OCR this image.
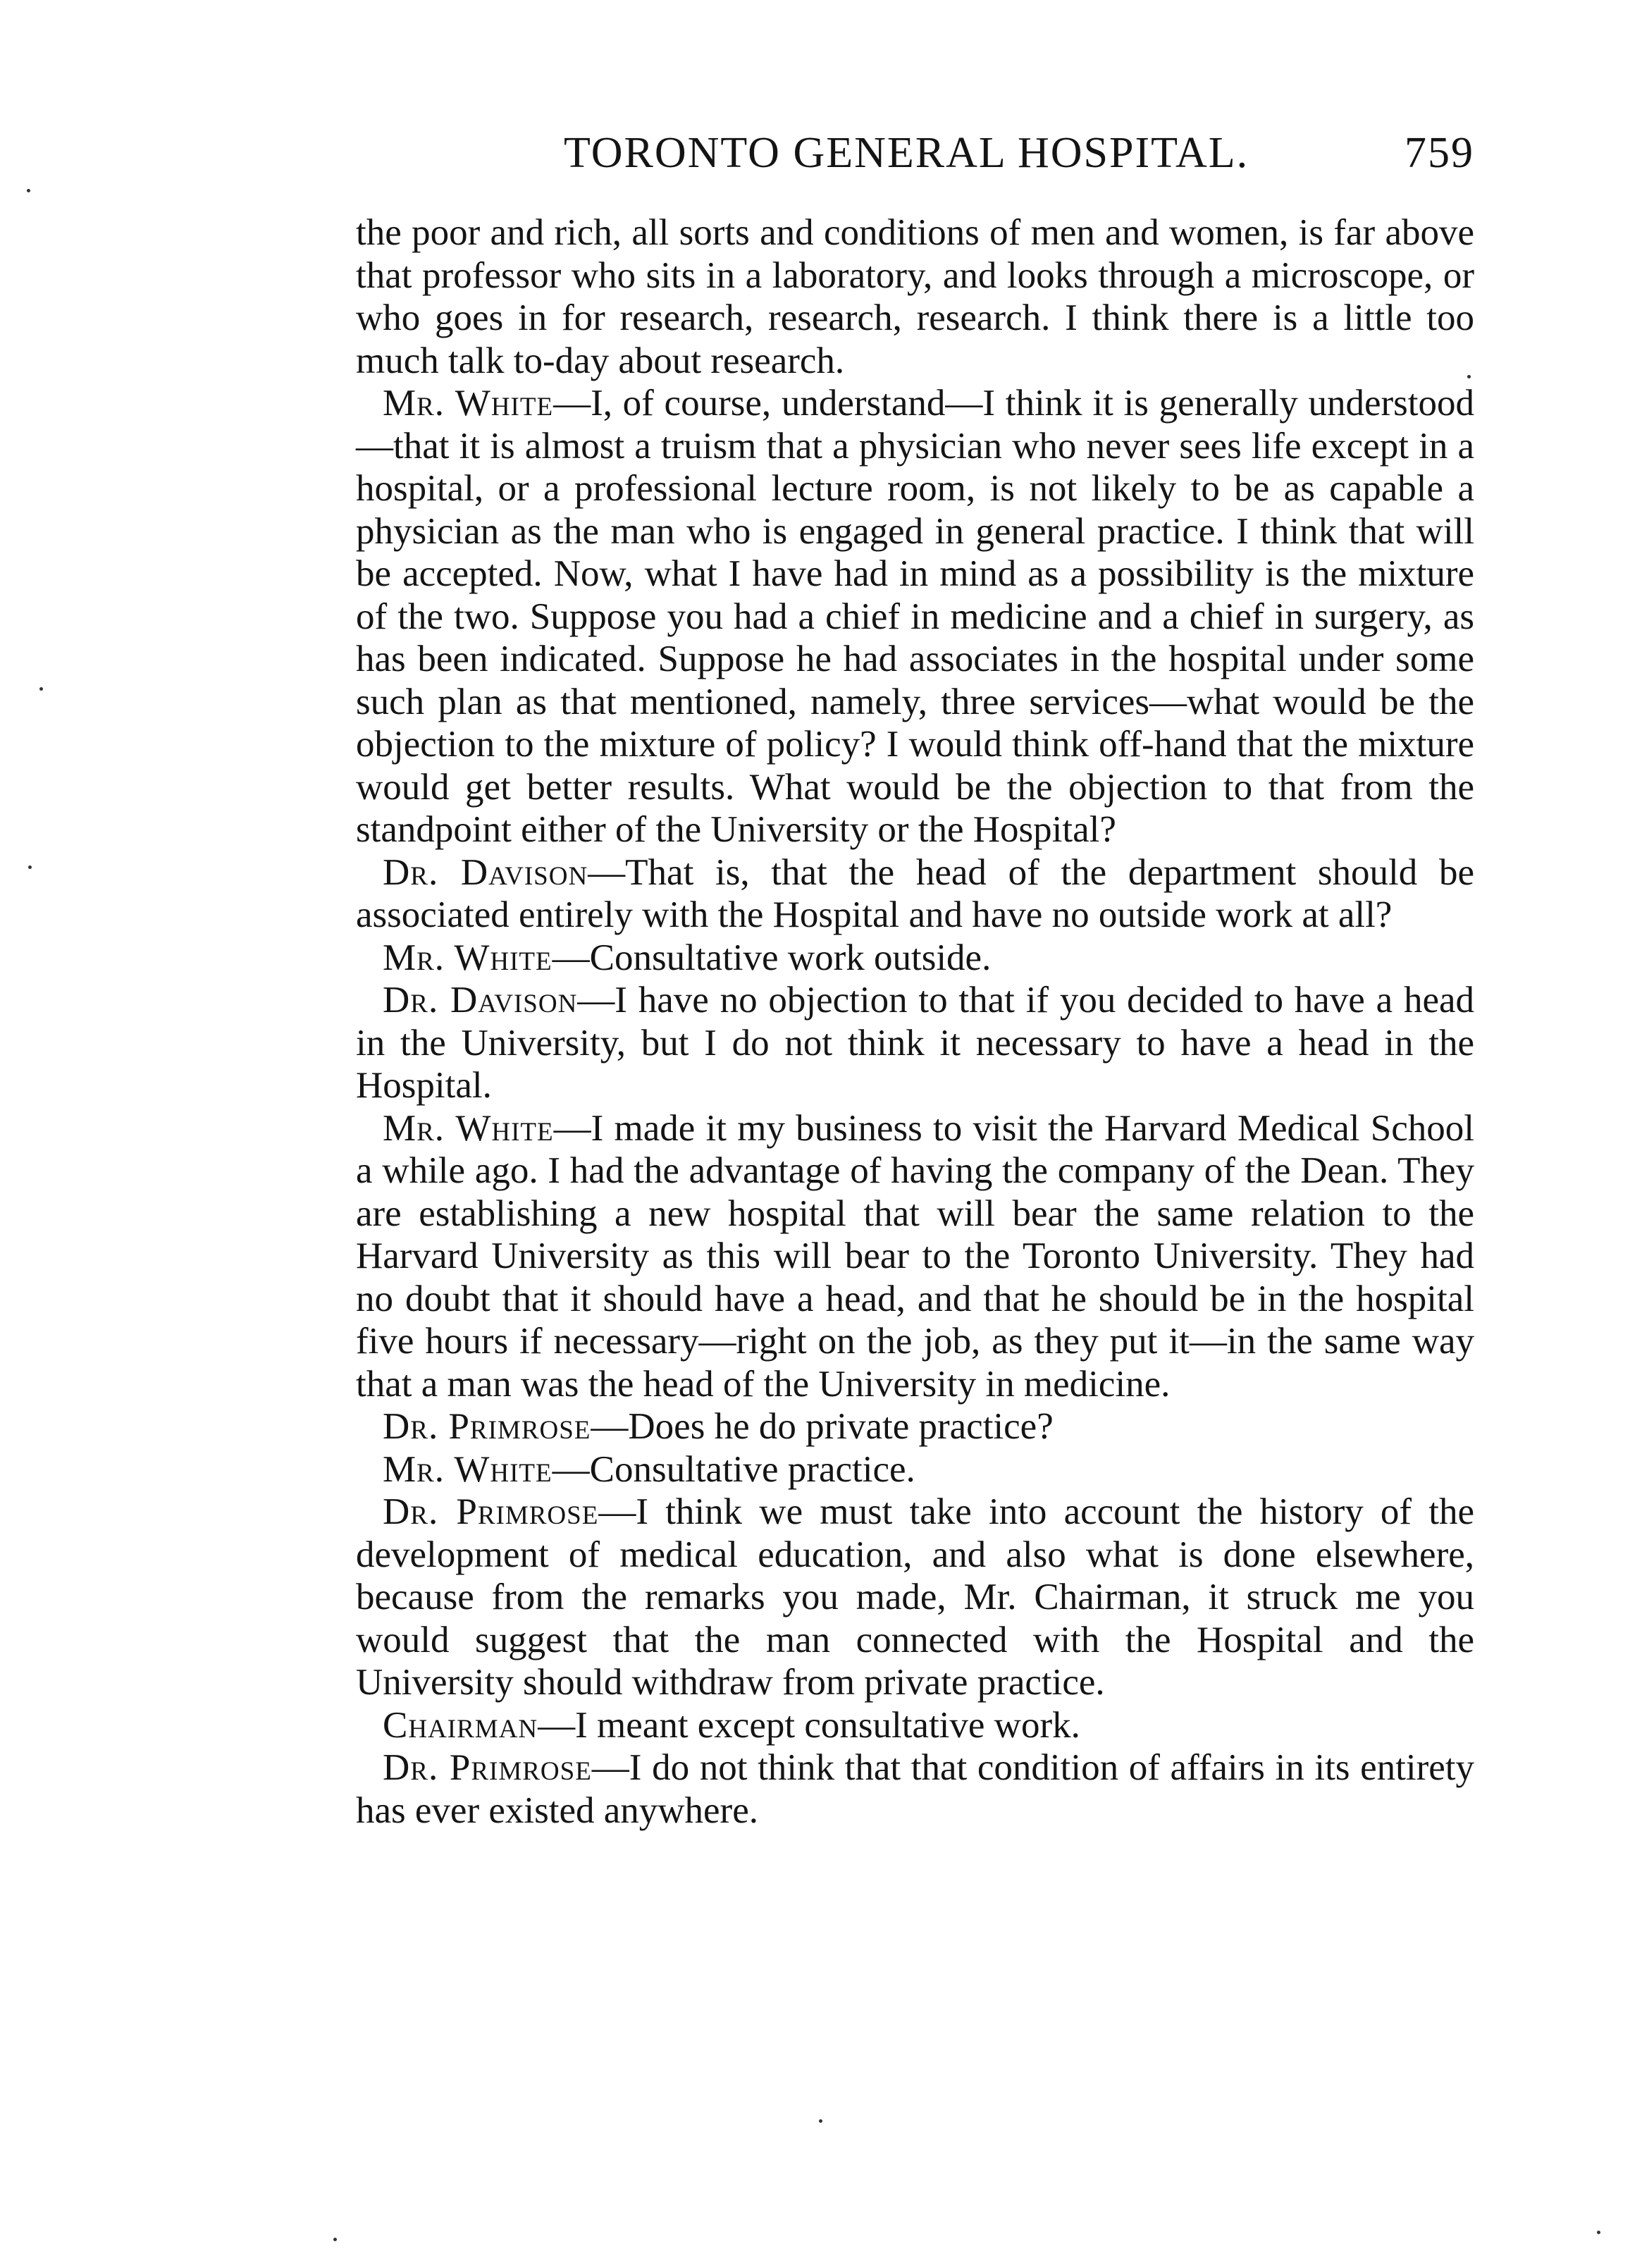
TORONTO GENERAL HOSPITAL.	759

the poor and rich, all sorts and conditions of men and women, is far above that professor who sits in a laboratory, and looks through a microscope, or who goes in for research, research, research. I think there is a little too much talk to-day about research.

Mr. White—I, of course, understand—I think it is generally understood—that it is almost a truism that a physician who never sees life except in a hospital, or a professional lecture room, is not likely to be as capable a physician as the man who is engaged in general practice. I think that will be accepted. Now, what I have had in mind as a possibility is the mixture of the two. Suppose you had a chief in medicine and a chief in surgery, as has been indicated. Suppose he had associates in the hospital under some such plan as that mentioned, namely, three services—what would be the objection to the mixture of policy? I would think off-hand that the mixture would get better results. What would be the objection to that from the standpoint either of the University or the Hospital?

Dr. Davison—That is, that the head of the department should be associated entirely with the Hospital and have no outside work at all?

Mr. White—Consultative work outside.

Dr. Davison—I have no objection to that if you decided to have a head in the University, but I do not think it necessary to have a head in the Hospital.

Mr. White—I made it my business to visit the Harvard Medical School a while ago. I had the advantage of having the company of the Dean. They are establishing a new hospital that will bear the same relation to the Harvard University as this will bear to the Toronto University. They had no doubt that it should have a head, and that he should be in the hospital five hours if necessary—right on the job, as they put it—in the same way that a man was the head of the University in medicine.

Dr. Primrose—Does he do private practice?

Mr. White—Consultative practice.

Dr. Primrose—I think we must take into account the history of the development of medical education, and also what is done elsewhere, because from the remarks you made, Mr. Chairman, it struck me you would suggest that the man connected with the Hospital and the University should withdraw from private practice.

Chairman—I meant except consultative work.

Dr. Primrose—I do not think that that condition of affairs in its entirety has ever existed anywhere.
